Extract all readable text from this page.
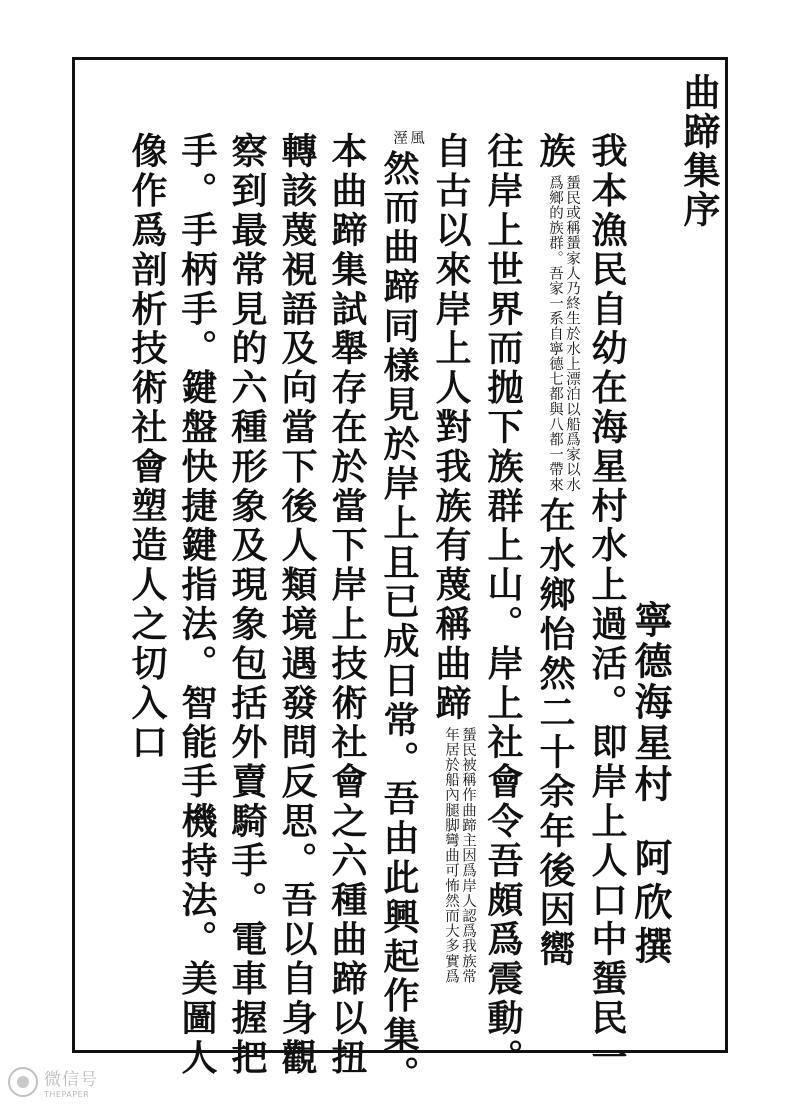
曲蹄集序
我本漁民自幼在海星村水上過活。即岸上人口中蜑民一
族蜑民或稱蜑家人乃終生於水上漂泊以船爲家以水
爲鄉的族群。吾家一系自寧德七都與八都一帶來在水鄉怡然二十余年後因嚮
往岸上世界而抛下族群上山。岸上社會令吾頗爲震動。
自古以來岸上人對我族有蔑稱曲蹄蜑民被稱作曲蹄主因爲岸人認爲我族常
年居於船內腿脚彎曲可怖然而大多實爲
風
溼然而曲蹄同樣見於岸上且已成日常。吾由此興起作集。
本曲蹄集試舉存在於當下岸上技術社會之六種曲蹄以扭
轉該蔑視語及向當下後人類境遇發問反思。吾以自身觀
察到最常見的六種形象及現象包括外賣騎手。電車握把
手。手柄手。鍵盤快捷鍵指法。智能手機持法。美圖人
像作爲剖析技術社會塑造人之切入口	寧德海星村
阿欣撰
微信号
THEPAPER
